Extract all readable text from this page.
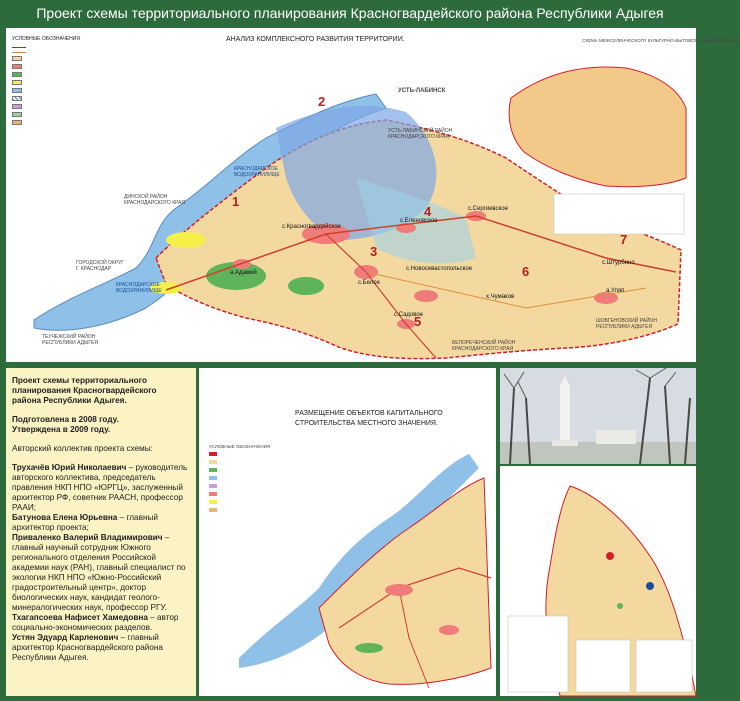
Проект схемы территориального планирования Красногвардейского района Республики Адыгея
АНАЛИЗ КОМПЛЕКСНОГО РАЗВИТИЯ ТЕРРИТОРИИ.
УСЛОВНЫЕ ОБОЗНАЧЕНИЯ
	СХЕМА МЕЖСЕЛЕНЧЕСКОГО КУЛЬТУРНО-БЫТОВОГО ОБСЛУЖИВАНИЯ
1
2
3
4
5
6
7
с.Красногвардейское
с.Белое
а.Адамий
с.Новосевастопольское
с.Садовое
а.Уляп
с.Еленовское
с.Сергиевское
с.Штурбино
х.Чумаков
УСТЬ-ЛАБИНСК
УСТЬ-ЛАБИНСКИЙ РАЙОН
КРАСНОДАРСКОГО КРАЯ
ДИНСКОЙ РАЙОН
КРАСНОДАРСКОГО КРАЯ
КРАСНОДАРСКОЕ
ВОДОХРАНИЛИЩЕ
ГОРОДСКОЙ ОКРУГ
Г. КРАСНОДАР
КРАСНОДАРСКОЕ
ВОДОХРАНИЛИЩЕ
ТЕУЧЕЖСКИЙ РАЙОН
РЕСПУБЛИКИ АДЫГЕЯ	БЕЛОРЕЧЕНСКИЙ РАЙОН
КРАСНОДАРСКОГО КРАЯ
ШОВГЕНОВСКИЙ РАЙОН
РЕСПУБЛИКИ АДЫГЕЯ

Проект схемы территориального

планирования Красногвардейского

района Республики Адыгея.

Подготовлена в 2008 году.

Утверждена в 2009 году.

Авторский коллектив проекта схемы:

Трухачёв Юрий Николаевич – руководитель авторского коллектива, председатель правления НКП НПО «ЮРГЦ», заслуженный архитектор РФ, советник РААСН, профессор РААИ;

Батунова Елена Юрьевна – главный архитектор проекта;

Приваленко Валерий Владимирович – главный научный сотрудник Южного регионального отделения Российской академии наук (РАН), главный специалист по экологии НКП НПО «Южно-Российский градостроительный центр», доктор биологических наук, кандидат геолого-минералогических наук, профессор РГУ.

Тхагапсоева Нафисет Хамедовна – автор социально-экономических разделов.

Устян Эдуард Карленович – главный архитектор Красногвардейского района Республики Адыгея.

РАЗМЕЩЕНИЕ ОБЪЕКТОВ КАПИТАЛЬНОГО
СТРОИТЕЛЬСТВА МЕСТНОГО ЗНАЧЕНИЯ.
УСЛОВНЫЕ ОБОЗНАЧЕНИЯ
